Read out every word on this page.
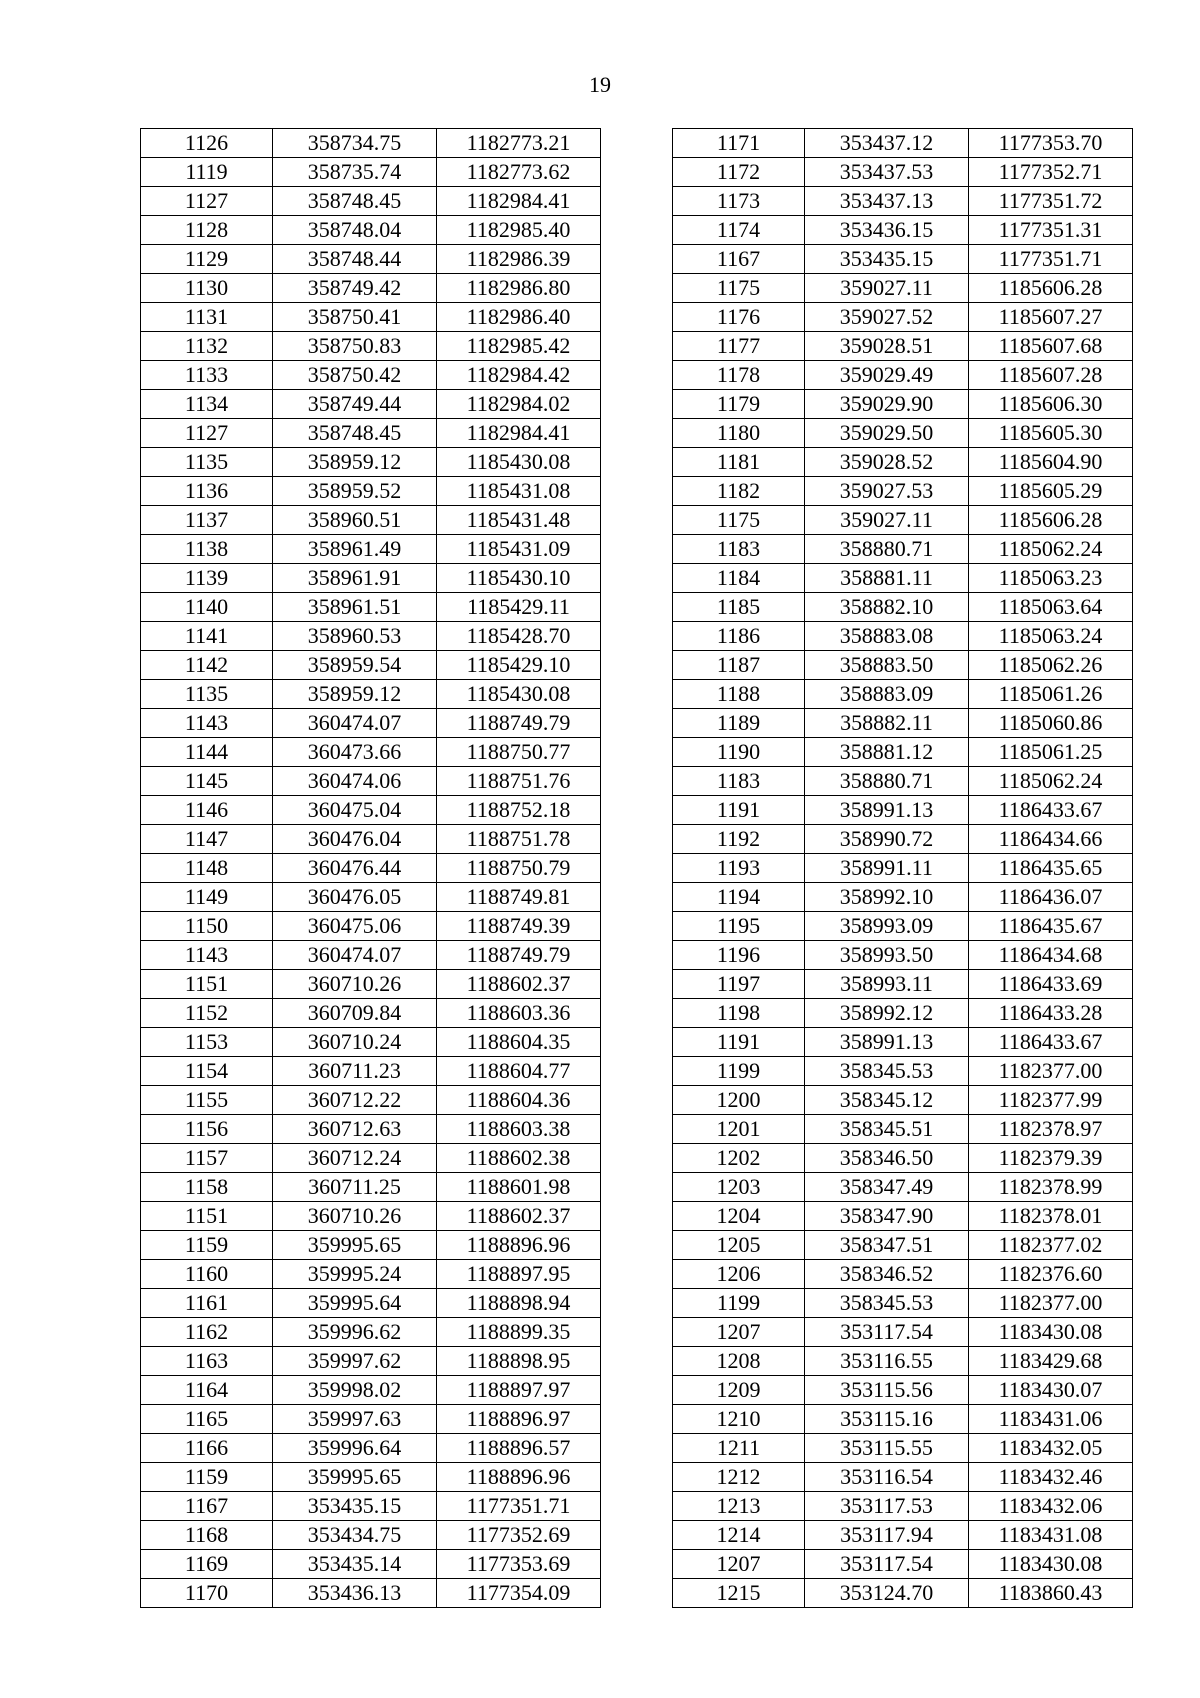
19
1126	358734.75	1182773.21
1119	358735.74	1182773.62
1127	358748.45	1182984.41
1128	358748.04	1182985.40
1129	358748.44	1182986.39
1130	358749.42	1182986.80
1131	358750.41	1182986.40
1132	358750.83	1182985.42
1133	358750.42	1182984.42
1134	358749.44	1182984.02
1127	358748.45	1182984.41
1135	358959.12	1185430.08
1136	358959.52	1185431.08
1137	358960.51	1185431.48
1138	358961.49	1185431.09
1139	358961.91	1185430.10
1140	358961.51	1185429.11
1141	358960.53	1185428.70
1142	358959.54	1185429.10
1135	358959.12	1185430.08
1143	360474.07	1188749.79
1144	360473.66	1188750.77
1145	360474.06	1188751.76
1146	360475.04	1188752.18
1147	360476.04	1188751.78
1148	360476.44	1188750.79
1149	360476.05	1188749.81
1150	360475.06	1188749.39
1143	360474.07	1188749.79
1151	360710.26	1188602.37
1152	360709.84	1188603.36
1153	360710.24	1188604.35
1154	360711.23	1188604.77
1155	360712.22	1188604.36
1156	360712.63	1188603.38
1157	360712.24	1188602.38
1158	360711.25	1188601.98
1151	360710.26	1188602.37
1159	359995.65	1188896.96
1160	359995.24	1188897.95
1161	359995.64	1188898.94
1162	359996.62	1188899.35
1163	359997.62	1188898.95
1164	359998.02	1188897.97
1165	359997.63	1188896.97
1166	359996.64	1188896.57
1159	359995.65	1188896.96
1167	353435.15	1177351.71
1168	353434.75	1177352.69
1169	353435.14	1177353.69
1170	353436.13	1177354.09
1171	353437.12	1177353.70
1172	353437.53	1177352.71
1173	353437.13	1177351.72
1174	353436.15	1177351.31
1167	353435.15	1177351.71
1175	359027.11	1185606.28
1176	359027.52	1185607.27
1177	359028.51	1185607.68
1178	359029.49	1185607.28
1179	359029.90	1185606.30
1180	359029.50	1185605.30
1181	359028.52	1185604.90
1182	359027.53	1185605.29
1175	359027.11	1185606.28
1183	358880.71	1185062.24
1184	358881.11	1185063.23
1185	358882.10	1185063.64
1186	358883.08	1185063.24
1187	358883.50	1185062.26
1188	358883.09	1185061.26
1189	358882.11	1185060.86
1190	358881.12	1185061.25
1183	358880.71	1185062.24
1191	358991.13	1186433.67
1192	358990.72	1186434.66
1193	358991.11	1186435.65
1194	358992.10	1186436.07
1195	358993.09	1186435.67
1196	358993.50	1186434.68
1197	358993.11	1186433.69
1198	358992.12	1186433.28
1191	358991.13	1186433.67
1199	358345.53	1182377.00
1200	358345.12	1182377.99
1201	358345.51	1182378.97
1202	358346.50	1182379.39
1203	358347.49	1182378.99
1204	358347.90	1182378.01
1205	358347.51	1182377.02
1206	358346.52	1182376.60
1199	358345.53	1182377.00
1207	353117.54	1183430.08
1208	353116.55	1183429.68
1209	353115.56	1183430.07
1210	353115.16	1183431.06
1211	353115.55	1183432.05
1212	353116.54	1183432.46
1213	353117.53	1183432.06
1214	353117.94	1183431.08
1207	353117.54	1183430.08
1215	353124.70	1183860.43
